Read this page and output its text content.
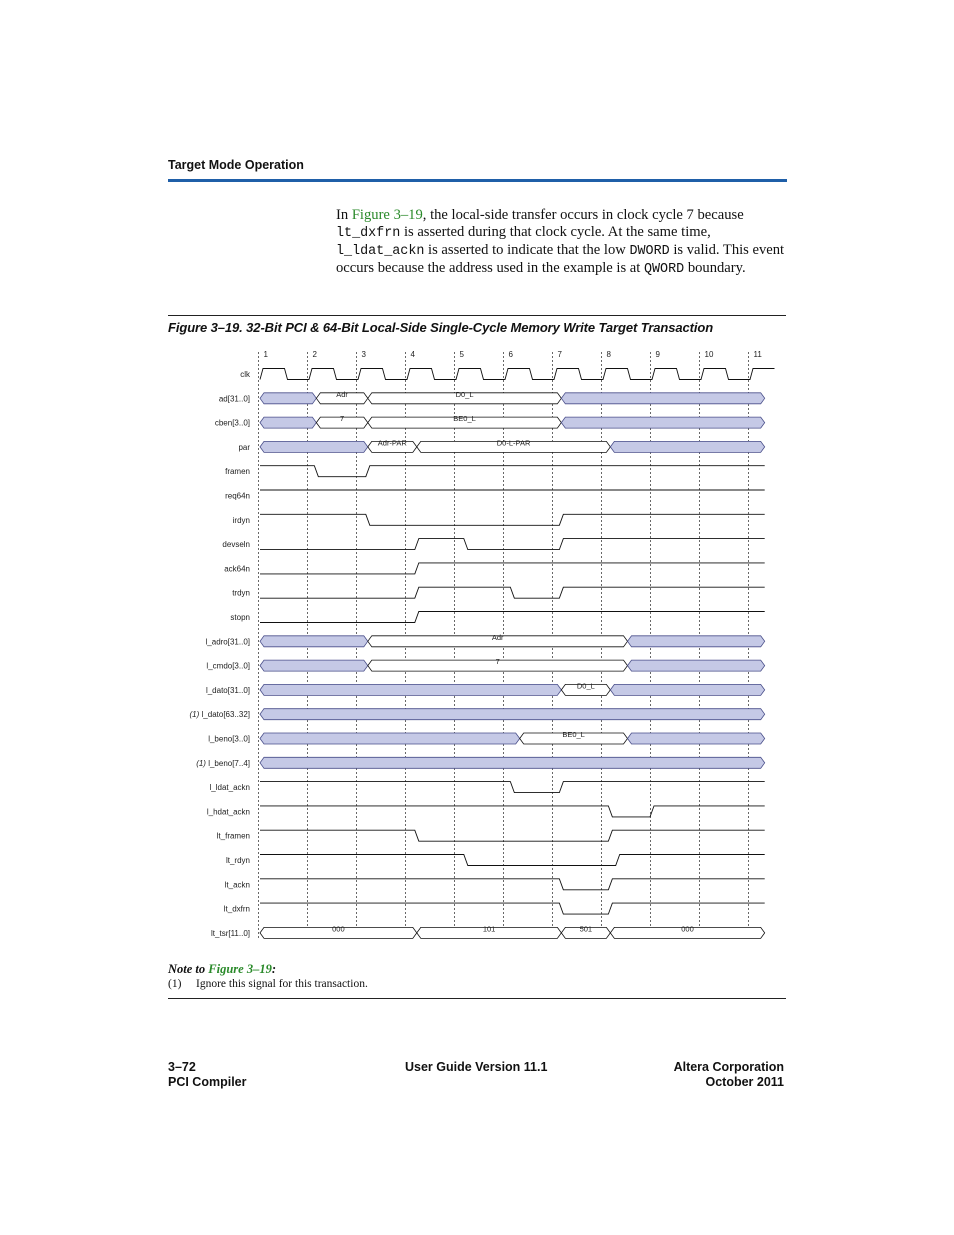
Target Mode Operation
In Figure 3–19, the local-side transfer occurs in clock cycle 7 because lt_dxfrn is asserted during that clock cycle. At the same time, l_ldat_ackn is asserted to indicate that the low DWORD is valid. This event occurs because the address used in the example is at QWORD boundary.
Figure 3–19. 32-Bit PCI & 64-Bit Local-Side Single-Cycle Memory Write Target Transaction
1	2	3	4	5	6	7	8	9	10	11
clk
ad[31..0]	Adr	D0_L
cben[3..0]	7	BE0_L
par	Adr-PAR	D0-L-PAR
framen
req64n
irdyn
devseln
ack64n
trdyn
stopn
l_adro[31..0]	Adr
l_cmdo[3..0]	7
l_dato[31..0]	D0_L
(1) l_dato[63..32]
l_beno[3..0]	BE0_L
(1) l_beno[7..4]
l_ldat_ackn
l_hdat_ackn
lt_framen
lt_rdyn
lt_ackn
lt_dxfrn
lt_tsr[11..0]	000	101	501	000
Note to Figure 3–19:
(1) Ignore this signal for this transaction.
3–72
PCI Compiler
User Guide Version 11.1	Altera Corporation
October 2011
